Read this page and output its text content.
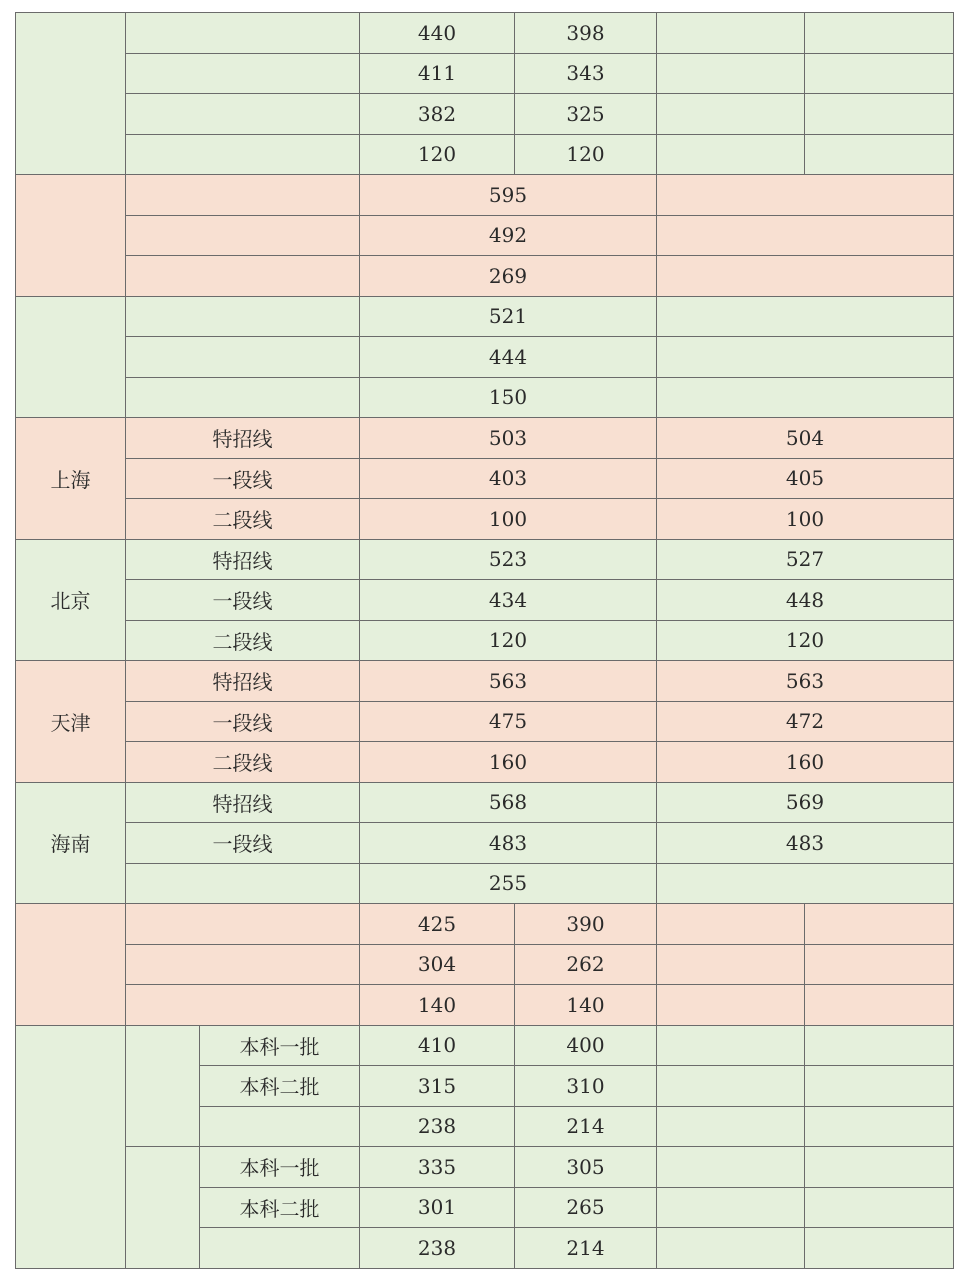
			440	398		
			411	343		
			382	325		
			120	120		
			595			
			492			
			269			
			521			
			444			
			150			
上海	特招线		503		504	
	一段线		403		405	
	二段线		100		100	
北京	特招线		523		527	
	一段线		434		448	
	二段线		120		120	
天津	特招线		563		563	
	一段线		475		472	
	二段线		160		160	
海南	特招线		568		569	
	一段线		483		483	
			255			
			425	390		
			304	262		
			140	140		
		本科一批	410	400		
		本科二批	315	310		
			238	214		
		本科一批	335	305		
		本科二批	301	265		
			238	214		
